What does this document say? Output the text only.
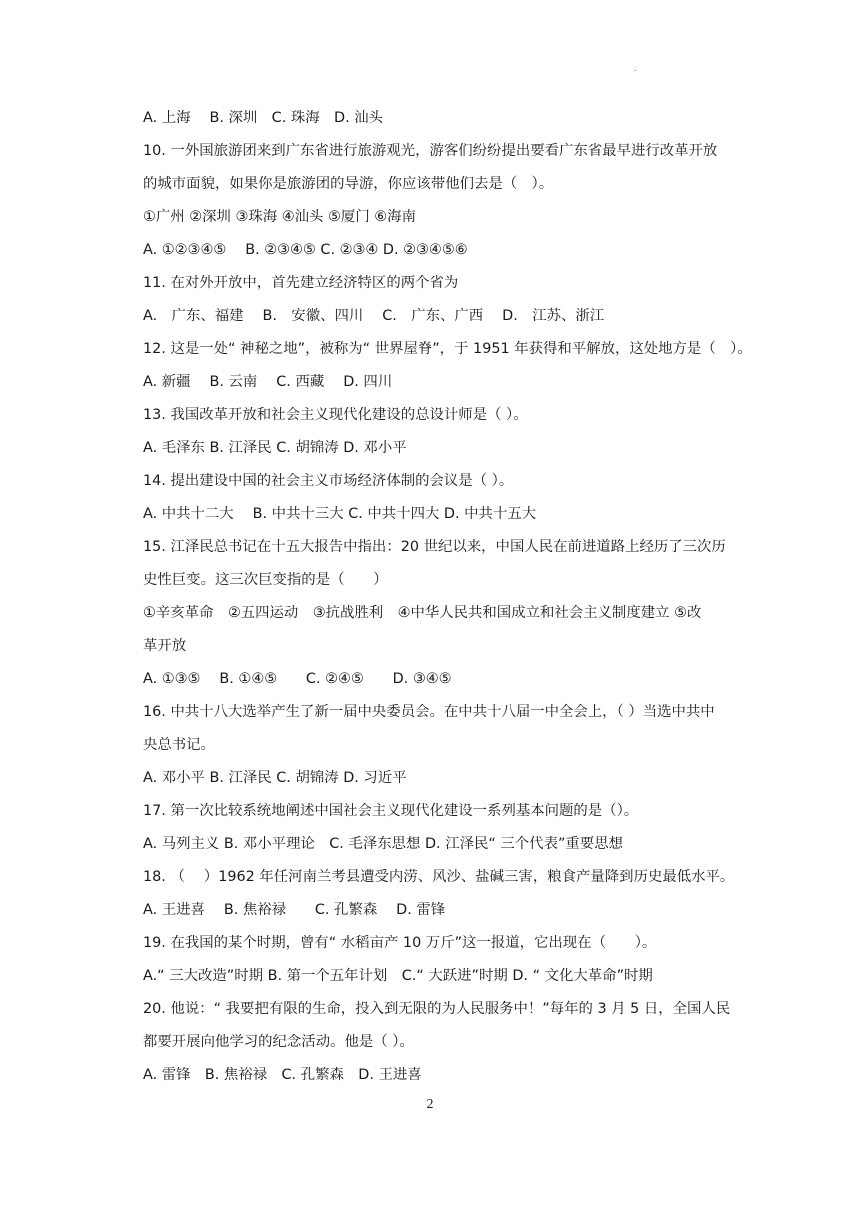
.
A. 上海　 B. 深圳　C. 珠海　D. 汕头
10. 一外国旅游团来到广东省进行旅游观光，游客们纷纷提出要看广东省最早进行改革开放
的城市面貌，如果你是旅游团的导游，你应该带他们去是（　）。
①广州 ②深圳 ③珠海 ④汕头 ⑤厦门 ⑥海南
A. ①②③④⑤　 B. ②③④⑤ C. ②③④ D. ②③④⑤⑥
11. 在对外开放中，首先建立经济特区的两个省为
A.　广东、福建　 B.　安徽、四川　 C.　广东、广西　 D.　江苏、浙江
12. 这是一处“ 神秘之地”，被称为“ 世界屋脊”，于 1951 年获得和平解放，这处地方是（　）。
A. 新疆　 B. 云南　 C. 西藏　 D. 四川
13. 我国改革开放和社会主义现代化建设的总设计师是（ ）。
A. 毛泽东 B. 江泽民 C. 胡锦涛 D. 邓小平
14. 提出建设中国的社会主义市场经济体制的会议是（ ）。
A. 中共十二大　 B. 中共十三大 C. 中共十四大 D. 中共十五大
15. 江泽民总书记在十五大报告中指出：20 世纪以来，中国人民在前进道路上经历了三次历
史性巨变。这三次巨变指的是（　　）
①辛亥革命　②五四运动　③抗战胜利　④中华人民共和国成立和社会主义制度建立 ⑤改
革开放
A. ①③⑤　 B. ①④⑤　　C. ②④⑤　　D. ③④⑤
16. 中共十八大选举产生了新一届中央委员会。在中共十八届一中全会上，（ ）当选中共中
央总书记。
A. 邓小平 B. 江泽民 C. 胡锦涛 D. 习近平
17. 第一次比较系统地阐述中国社会主义现代化建设一系列基本问题的是（）。
A. 马列主义 B. 邓小平理论　C. 毛泽东思想 D. 江泽民“ 三个代表”重要思想
18. （　 ）1962 年任河南兰考县遭受内涝、风沙、盐碱三害，粮食产量降到历史最低水平。
A. 王进喜　 B. 焦裕禄　　C. 孔繁森　 D. 雷锋
19. 在我国的某个时期，曾有“ 水稻亩产 10 万斤”这一报道，它出现在（　　）。
A.“ 三大改造”时期 B. 第一个五年计划　C.“ 大跃进”时期 D. “ 文化大革命”时期
20. 他说：“ 我要把有限的生命，投入到无限的为人民服务中！”每年的 3 月 5 日，全国人民
都要开展向他学习的纪念活动。他是（ ）。
A. 雷锋　B. 焦裕禄　C. 孔繁森　D. 王进喜
2
